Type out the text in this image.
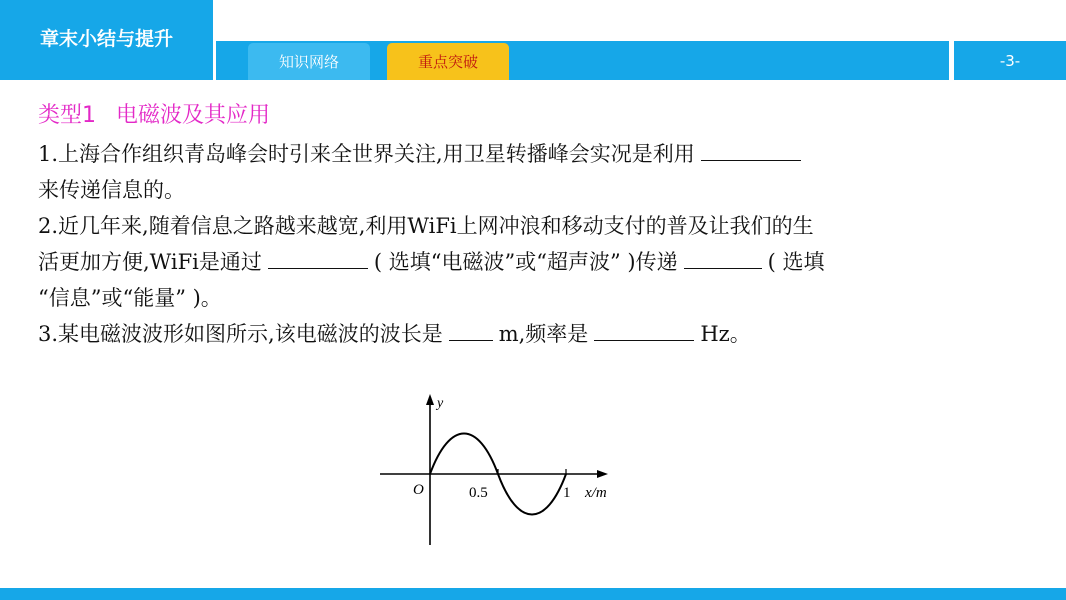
章末小结与提升
知识网络	重点突破	-3-
类型1 电磁波及其应用
1.上海合作组织青岛峰会时引来全世界关注,用卫星转播峰会实况是利用
来传递信息的。
2.近几年来,随着信息之路越来越宽,利用WiFi上网冲浪和移动支付的普及让我们的生
活更加方便,WiFi是通过	( 选填“电磁波”或“超声波” )传递	( 选填
“信息”或“能量” )。
3.某电磁波波形如图所示,该电磁波的波长是	m,频率是	Hz。
y
O	0.5	1 x/m
